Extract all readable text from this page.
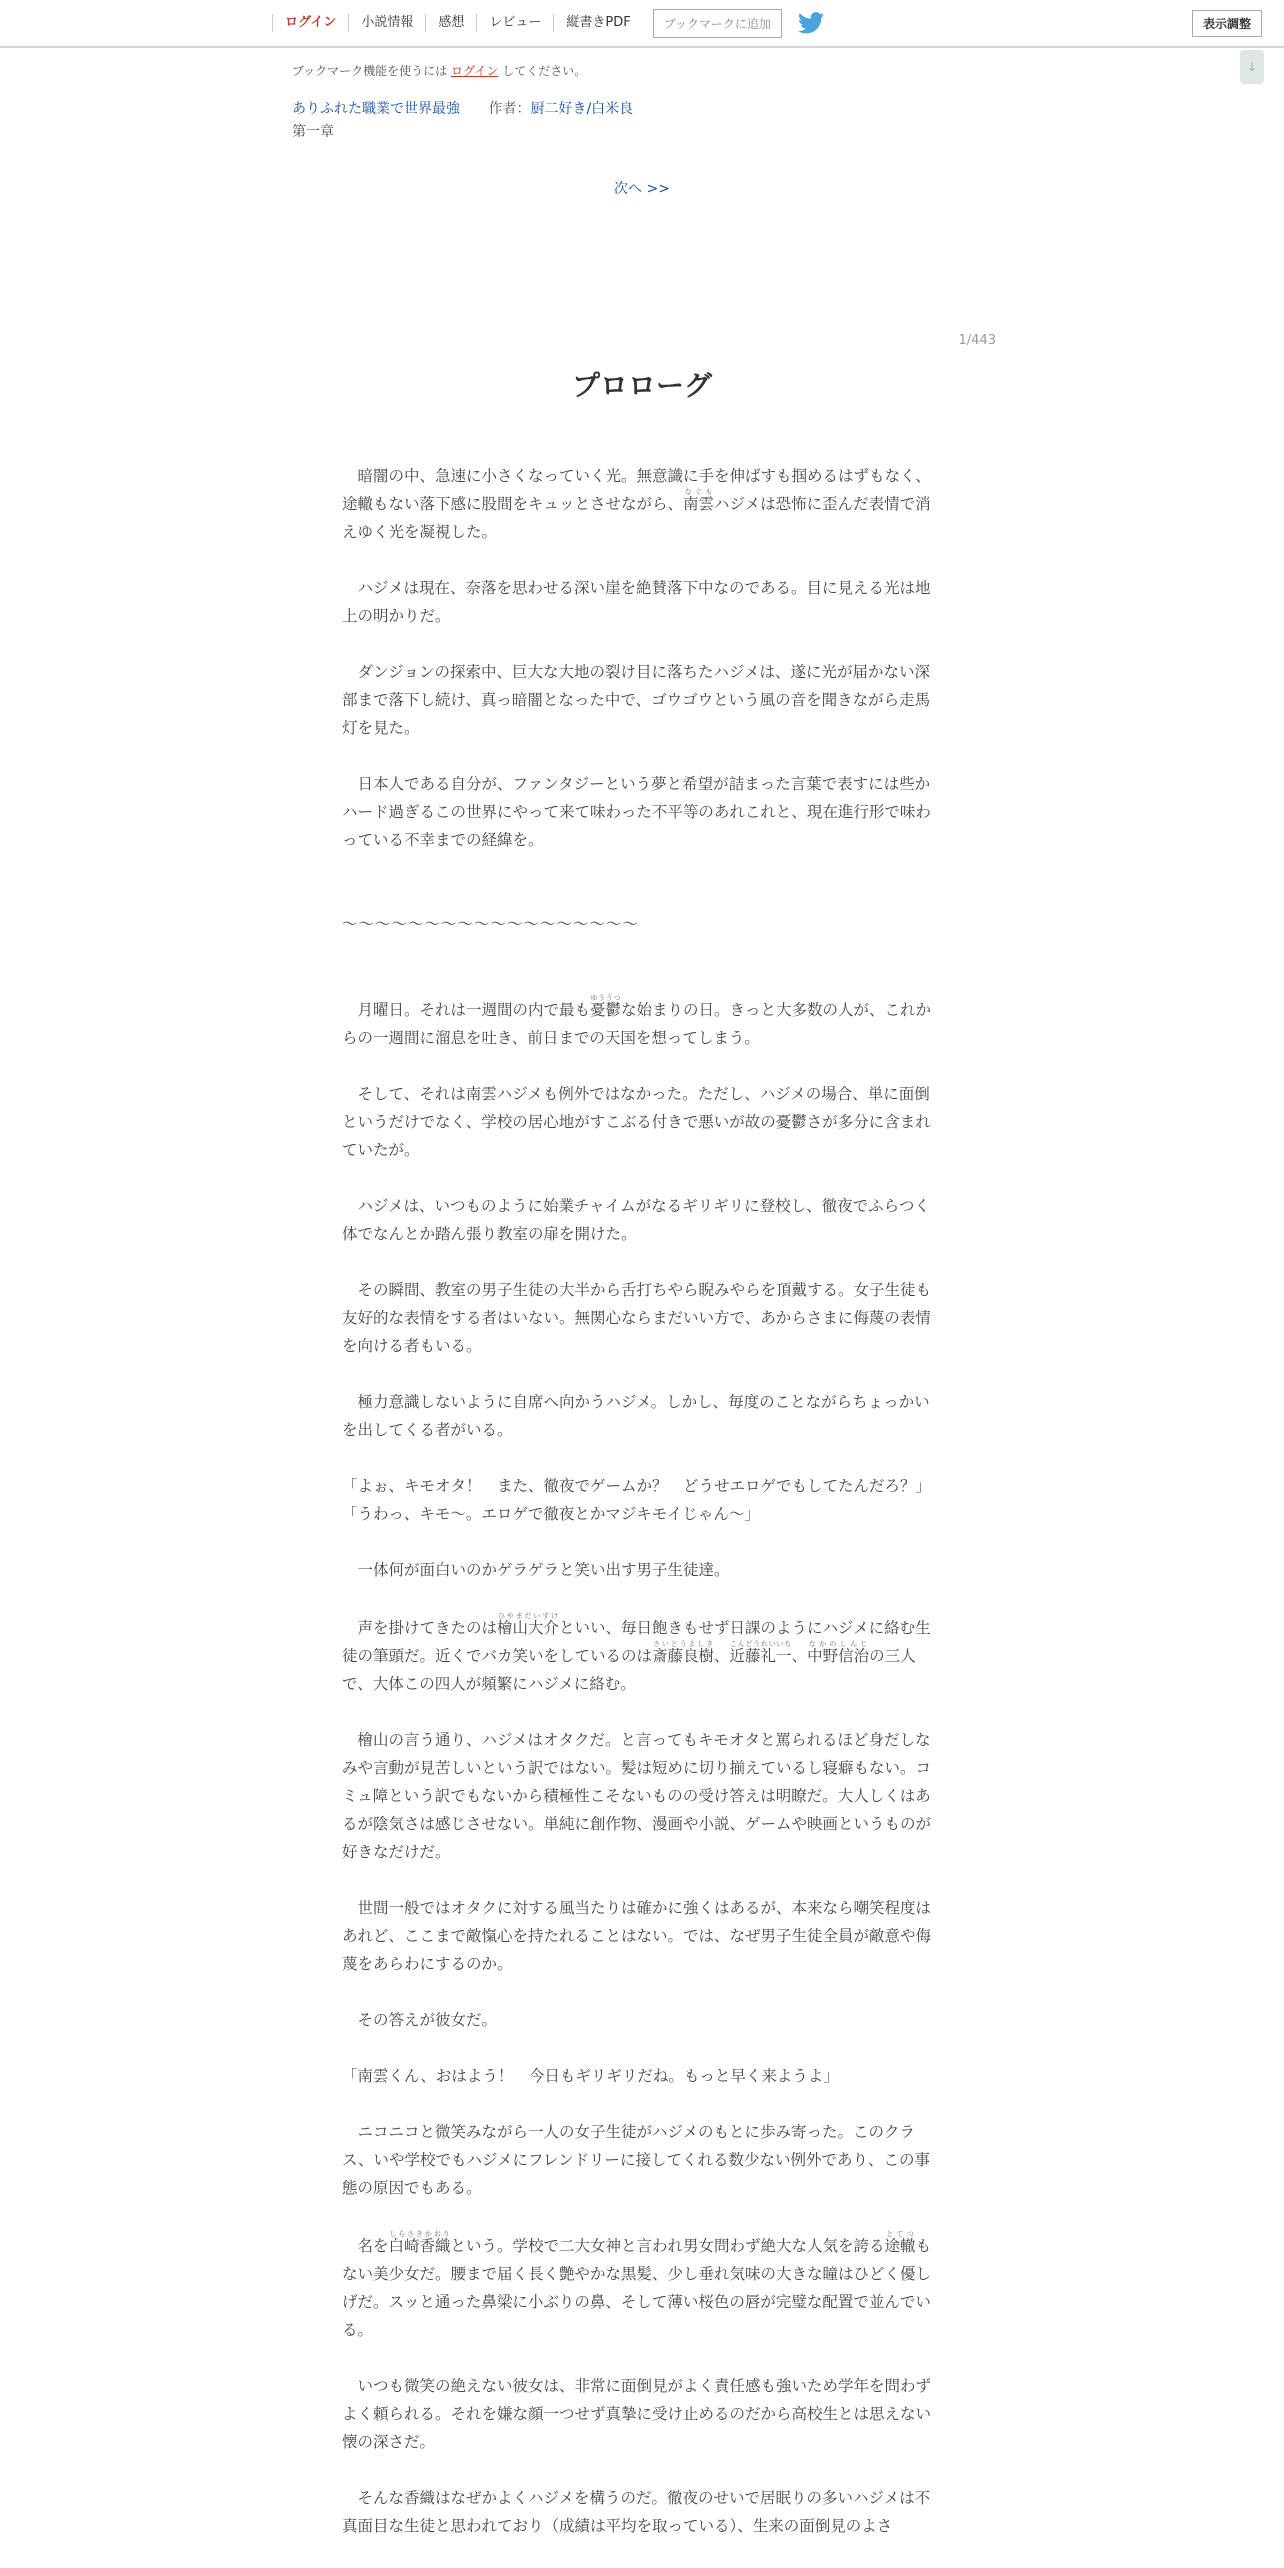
ログイン	小説情報	感想	レビュー	縦書きPDF	ブックマークに追加	表示調整
↓
ブックマーク機能を使うには ログイン してください。
ありふれた職業で世界最強 作者：厨二好き/白米良
第一章
次へ >>
1/443
プロローグ

暗闇の中、急速に小さくなっていく光。無意識に手を伸ばすも掴めるはずもなく、途轍もない落下感に股間をキュッとさせながら、南雲なぐもハジメは恐怖に歪んだ表情で消えゆく光を凝視した。

ハジメは現在、奈落を思わせる深い崖を絶賛落下中なのである。目に見える光は地上の明かりだ。

ダンジョンの探索中、巨大な大地の裂け目に落ちたハジメは、遂に光が届かない深部まで落下し続け、真っ暗闇となった中で、ゴウゴウという風の音を聞きながら走馬灯を見た。

日本人である自分が、ファンタジーという夢と希望が詰まった言葉で表すには些かハード過ぎるこの世界にやって来て味わった不平等のあれこれと、現在進行形で味わっている不幸までの経緯を。

～～～～～～～～～～～～～～～～～～

月曜日。それは一週間の内で最も憂鬱ゆううつな始まりの日。きっと大多数の人が、これからの一週間に溜息を吐き、前日までの天国を想ってしまう。

そして、それは南雲ハジメも例外ではなかった。ただし、ハジメの場合、単に面倒というだけでなく、学校の居心地がすこぶる付きで悪いが故の憂鬱さが多分に含まれていたが。

ハジメは、いつものように始業チャイムがなるギリギリに登校し、徹夜でふらつく体でなんとか踏ん張り教室の扉を開けた。

その瞬間、教室の男子生徒の大半から舌打ちやら睨みやらを頂戴する。女子生徒も友好的な表情をする者はいない。無関心ならまだいい方で、あからさまに侮蔑の表情を向ける者もいる。

極力意識しないように自席へ向かうハジメ。しかし、毎度のことながらちょっかいを出してくる者がいる。

「よぉ、キモオタ！　また、徹夜でゲームか？　どうせエロゲでもしてたんだろ？」

「うわっ、キモ～。エロゲで徹夜とかマジキモイじゃん～」

一体何が面白いのかゲラゲラと笑い出す男子生徒達。

声を掛けてきたのは檜山大介ひやまだいすけといい、毎日飽きもせず日課のようにハジメに絡む生徒の筆頭だ。近くでバカ笑いをしているのは斎藤良樹さいとうよしき、近藤礼一こんどうれいいち、中野信治なかのしんじの三人で、大体この四人が頻繁にハジメに絡む。

檜山の言う通り、ハジメはオタクだ。と言ってもキモオタと罵られるほど身だしなみや言動が見苦しいという訳ではない。髪は短めに切り揃えているし寝癖もない。コミュ障という訳でもないから積極性こそないものの受け答えは明瞭だ。大人しくはあるが陰気さは感じさせない。単純に創作物、漫画や小説、ゲームや映画というものが好きなだけだ。

世間一般ではオタクに対する風当たりは確かに強くはあるが、本来なら嘲笑程度はあれど、ここまで敵愾心を持たれることはない。では、なぜ男子生徒全員が敵意や侮蔑をあらわにするのか。

その答えが彼女だ。

「南雲くん、おはよう！　今日もギリギリだね。もっと早く来ようよ」

ニコニコと微笑みながら一人の女子生徒がハジメのもとに歩み寄った。このクラス、いや学校でもハジメにフレンドリーに接してくれる数少ない例外であり、この事態の原因でもある。

名を白崎香織しらさきかおりという。学校で二大女神と言われ男女問わず絶大な人気を誇る途轍とてつもない美少女だ。腰まで届く長く艶やかな黒髪、少し垂れ気味の大きな瞳はひどく優しげだ。スッと通った鼻梁に小ぶりの鼻、そして薄い桜色の唇が完璧な配置で並んでいる。

いつも微笑の絶えない彼女は、非常に面倒見がよく責任感も強いため学年を問わずよく頼られる。それを嫌な顔一つせず真摯に受け止めるのだから高校生とは思えない懐の深さだ。

そんな香織はなぜかよくハジメを構うのだ。徹夜のせいで居眠りの多いハジメは不真面目な生徒と思われており（成績は平均を取っている）、生来の面倒見のよさ
